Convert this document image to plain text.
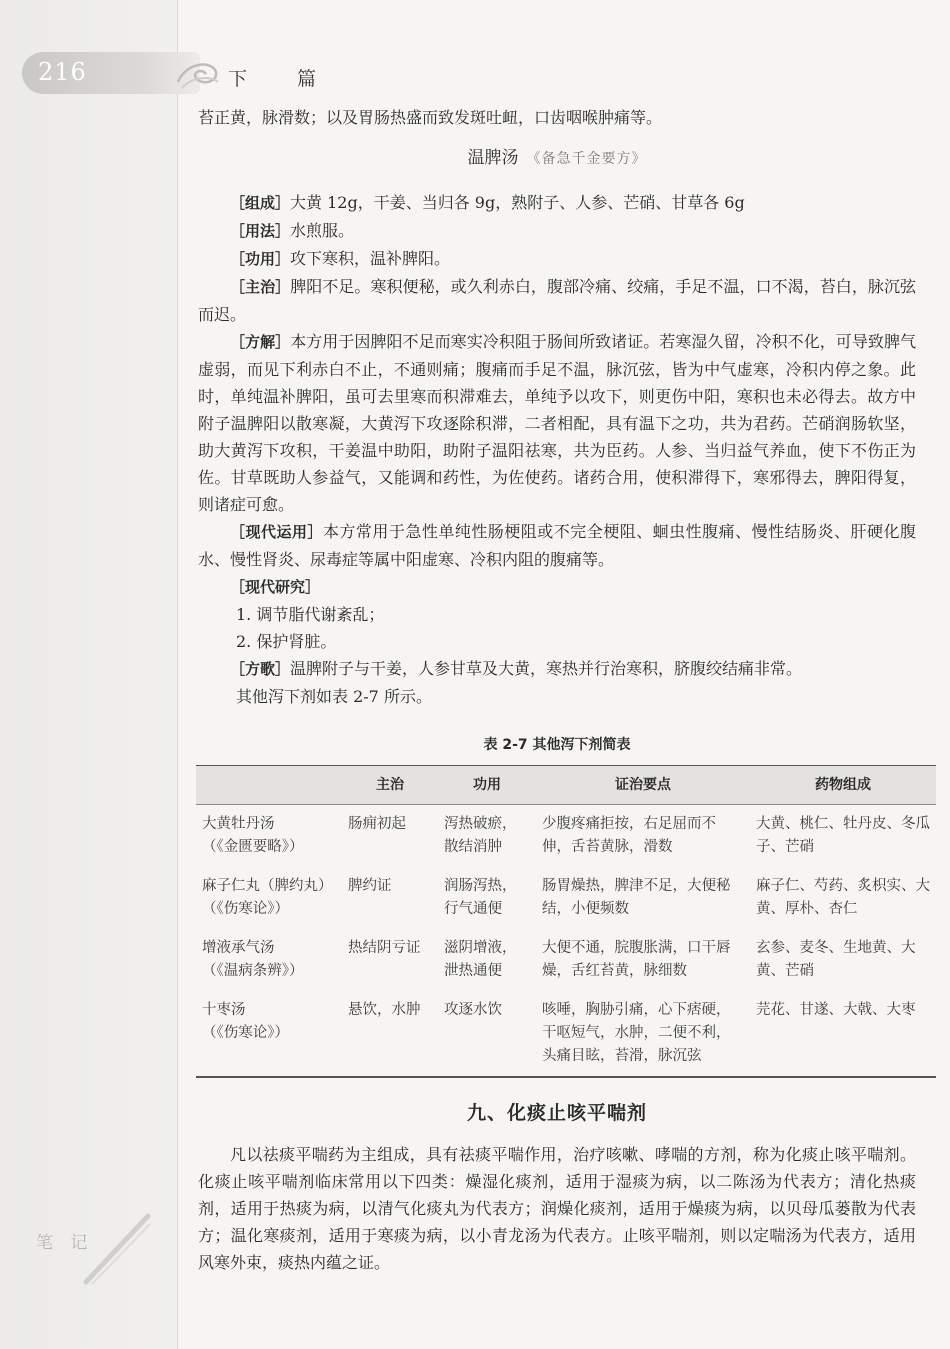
216	下 篇
笔 记

苔正黄，脉滑数；以及胃肠热盛而致发斑吐衄，口齿咽喉肿痛等。

温脾汤 《备急千金要方》

［组成］大黄 12g，干姜、当归各 9g，熟附子、人参、芒硝、甘草各 6g

［用法］水煎服。

［功用］攻下寒积，温补脾阳。

［主治］脾阳不足。寒积便秘，或久利赤白，腹部冷痛、绞痛，手足不温，口不渴，苔白，脉沉弦而迟。

［方解］本方用于因脾阳不足而寒实冷积阻于肠间所致诸证。若寒湿久留，冷积不化，可导致脾气虚弱，而见下利赤白不止，不通则痛；腹痛而手足不温，脉沉弦，皆为中气虚寒，冷积内停之象。此时，单纯温补脾阳，虽可去里寒而积滞难去，单纯予以攻下，则更伤中阳，寒积也未必得去。故方中附子温脾阳以散寒凝，大黄泻下攻逐除积滞，二者相配，具有温下之功，共为君药。芒硝润肠软坚，助大黄泻下攻积，干姜温中助阳，助附子温阳祛寒，共为臣药。人参、当归益气养血，使下不伤正为佐。甘草既助人参益气，又能调和药性，为佐使药。诸药合用，使积滞得下，寒邪得去，脾阳得复，则诸症可愈。

［现代运用］本方常用于急性单纯性肠梗阻或不完全梗阻、蛔虫性腹痛、慢性结肠炎、肝硬化腹水、慢性肾炎、尿毒症等属中阳虚寒、冷积内阻的腹痛等。

［现代研究］

1. 调节脂代谢紊乱；

2. 保护肾脏。

［方歌］温脾附子与干姜，人参甘草及大黄，寒热并行治寒积，脐腹绞结痛非常。

其他泻下剂如表 2-7 所示。

表 2-7 其他泻下剂简表
	主治	功用	证治要点	药物组成

大黄牡丹汤
（《金匮要略》）	肠痈初起	泻热破瘀，散结消肿	少腹疼痛拒按，右足屈而不伸，舌苔黄脉，滑数	大黄、桃仁、牡丹皮、冬瓜子、芒硝

麻子仁丸（脾约丸）
（《伤寒论》）	脾约证	润肠泻热，行气通便	肠胃燥热，脾津不足，大便秘结，小便频数	麻子仁、芍药、炙枳实、大黄、厚朴、杏仁

增液承气汤
（《温病条辨》）	热结阴亏证	滋阴增液，泄热通便	大便不通，脘腹胀满，口干唇燥，舌红苔黄，脉细数	玄参、麦冬、生地黄、大黄、芒硝

十枣汤
（《伤寒论》）	悬饮，水肿	攻逐水饮	咳唾，胸胁引痛，心下痞硬，干呕短气，水肿，二便不利，头痛目眩，苔滑，脉沉弦	芫花、甘遂、大戟、大枣
九、化痰止咳平喘剂

凡以祛痰平喘药为主组成，具有祛痰平喘作用，治疗咳嗽、哮喘的方剂，称为化痰止咳平喘剂。化痰止咳平喘剂临床常用以下四类：燥湿化痰剂，适用于湿痰为病，以二陈汤为代表方；清化热痰剂，适用于热痰为病，以清气化痰丸为代表方；润燥化痰剂，适用于燥痰为病，以贝母瓜蒌散为代表方；温化寒痰剂，适用于寒痰为病，以小青龙汤为代表方。止咳平喘剂，则以定喘汤为代表方，适用风寒外束，痰热内蕴之证。
